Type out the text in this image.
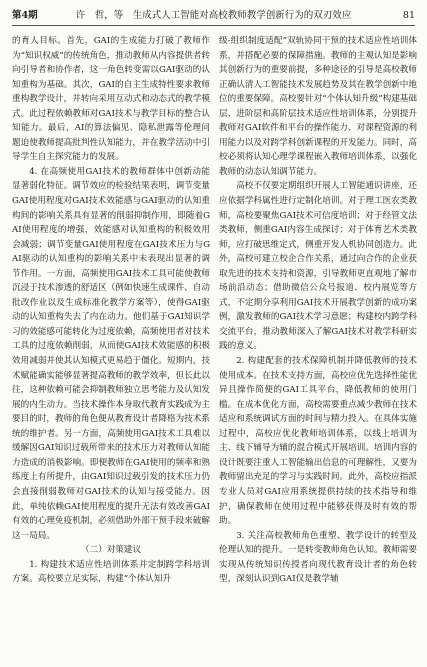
第4期	许　哲，等　生成式人工智能对高校教师教学创新行为的双刃效应	81

的育人目标。首先，GAI的生成能力打破了教师作为“知识权威”的传统角色，推动教师从内容提供者转向引导者和协作者，这一角色转变需以GAI驱动的认知重构为基础。其次，GAI的自主生成特性要求教师重构教学设计，并转向采用互动式和动态式的教学模式。此过程依赖教师对GAI技术与教学目标的整合认知能力。最后，AI的算法偏见、隐私泄露等伦理问题迫使教师提高批判性认知能力，并在教学活动中引导学生自主探究能力的发展。

4. 在高频使用GAI技术的教师群体中创新动能显著弱化特征。调节效应的检验结果表明，调节变量GAI使用程度对GAI技术效能感与GAI驱动的认知重构间的影响关系具有显著的削弱抑制作用，即随着GAI使用程度的增强，效能感对认知重构的积极效用会减弱；调节变量GAI使用程度在GAI技术压力与GAI驱动的认知重构的影响关系中未表现出显著的调节作用。一方面，高频使用GAI技术工具可能使教师沉浸于技术渗透的舒适区（例如快速生成课件、自动批改作业以及生成标准化教学方案等），使得GAI驱动的认知重构失去了内在动力。他们基于GAI知识学习的效能感可能转化为过度依赖，高频使用者对技术工具的过度依赖削弱，从而使GAI技术效能感的积极效用减弱并使其认知模式更易趋于僵化。短期内，技术赋能确实能够显著提高教师的教学效率，但长此以往，这种依赖可能会抑制教师独立思考能力及认知发展的内生动力。当技术操作本身取代教育实践成为主要目的时，教师的角色便从教育设计者降格为技术系统的维护者。另一方面，高频使用GAI技术工具难以缓解因GAI知识过载所带来的技术压力对教师认知能力造成的消极影响。即便教师在GAI使用的频率和熟练度上有所提升，由GAI知识过载引发的技术压力仍会直接削弱教师对GAI技术的认知与接受能力。因此，单纯依赖GAI使用程度的提升无法有效改善GAI有效的心理免疫机制，必须借助外部干预手段来破解这一局局。

（二）对策建议

1. 构建技术适应性培训体系并定制跨学科培训方案。高校要立足实际，构建“个体认知升

级-组织制度适配”双轨协同干预的技术适应性培训体系，并搭配必要的保障措施。教师的主观认知是影响其创新行为的重要前提，多种途径的引导是高校教师正确认清人工智能技术发展趋势及其在教学创新中地位的重要保障。高校要针对“个体认知升级”构建基础层、进阶层和高阶层技术适应性培训体系，分别提升教师对GAI软件和平台的操作能力、对课程资源的利用能力以及对跨学科创新课程的开发能力。同时，高校必须将认知心理学课程嵌入教师培训体系，以强化教师的动态认知调节能力。

高校不仅要定期组织开展人工智能通识讲座，还应依据学科属性进行定制化培训。对于理工医农类教师，高校要聚焦GAI技术可信度培训；对于经管文法类教师，侧重GAI内容生成探讨；对于体育艺术类教师，应打破思维定式，侧重开发人机协同创造力。此外，高校可建立校企合作关系，通过向合作的企业获取先进的技术支持和资源，引导教师更直观地了解市场前沿动态；借助微信公众号报道、校内展览等方式，不定期分享利用GAI技术开展教学创新的成功案例，激发教师的GAI技术学习意愿；构建校内跨学科交流平台，推动教师深入了解GAI技术对教学科研实践的意义。

2. 构建配套的技术保障机制并降低教师的技术使用成本。在技术支持方面，高校应优先选择性能优异且操作简便的GAI工具平台，降低教师的使用门槛。在成本优化方面，高校需要重点减少教师在技术适应和系统调试方面的时间与精力投入。在具体实施过程中，高校应优化教师培训体系，以线上培训为主、线下辅导为辅的混合模式开展培训。培训内容的设计既要注重人工智能输出信息的可理解性，又要为教师留出充足的学习与实践时间。此外，高校应指派专业人员对GAI应用系统提供持续的技术指导和维护，确保教师在使用过程中能够获得及时有效的帮助。

3. 关注高校教师角色重塑、教学设计的转型及伦理认知的提升。一是转变教师角色认知。教师需要实现从传统知识传授者向现代教育设计者的角色转型，深刻认识到GAI仅是教学辅
